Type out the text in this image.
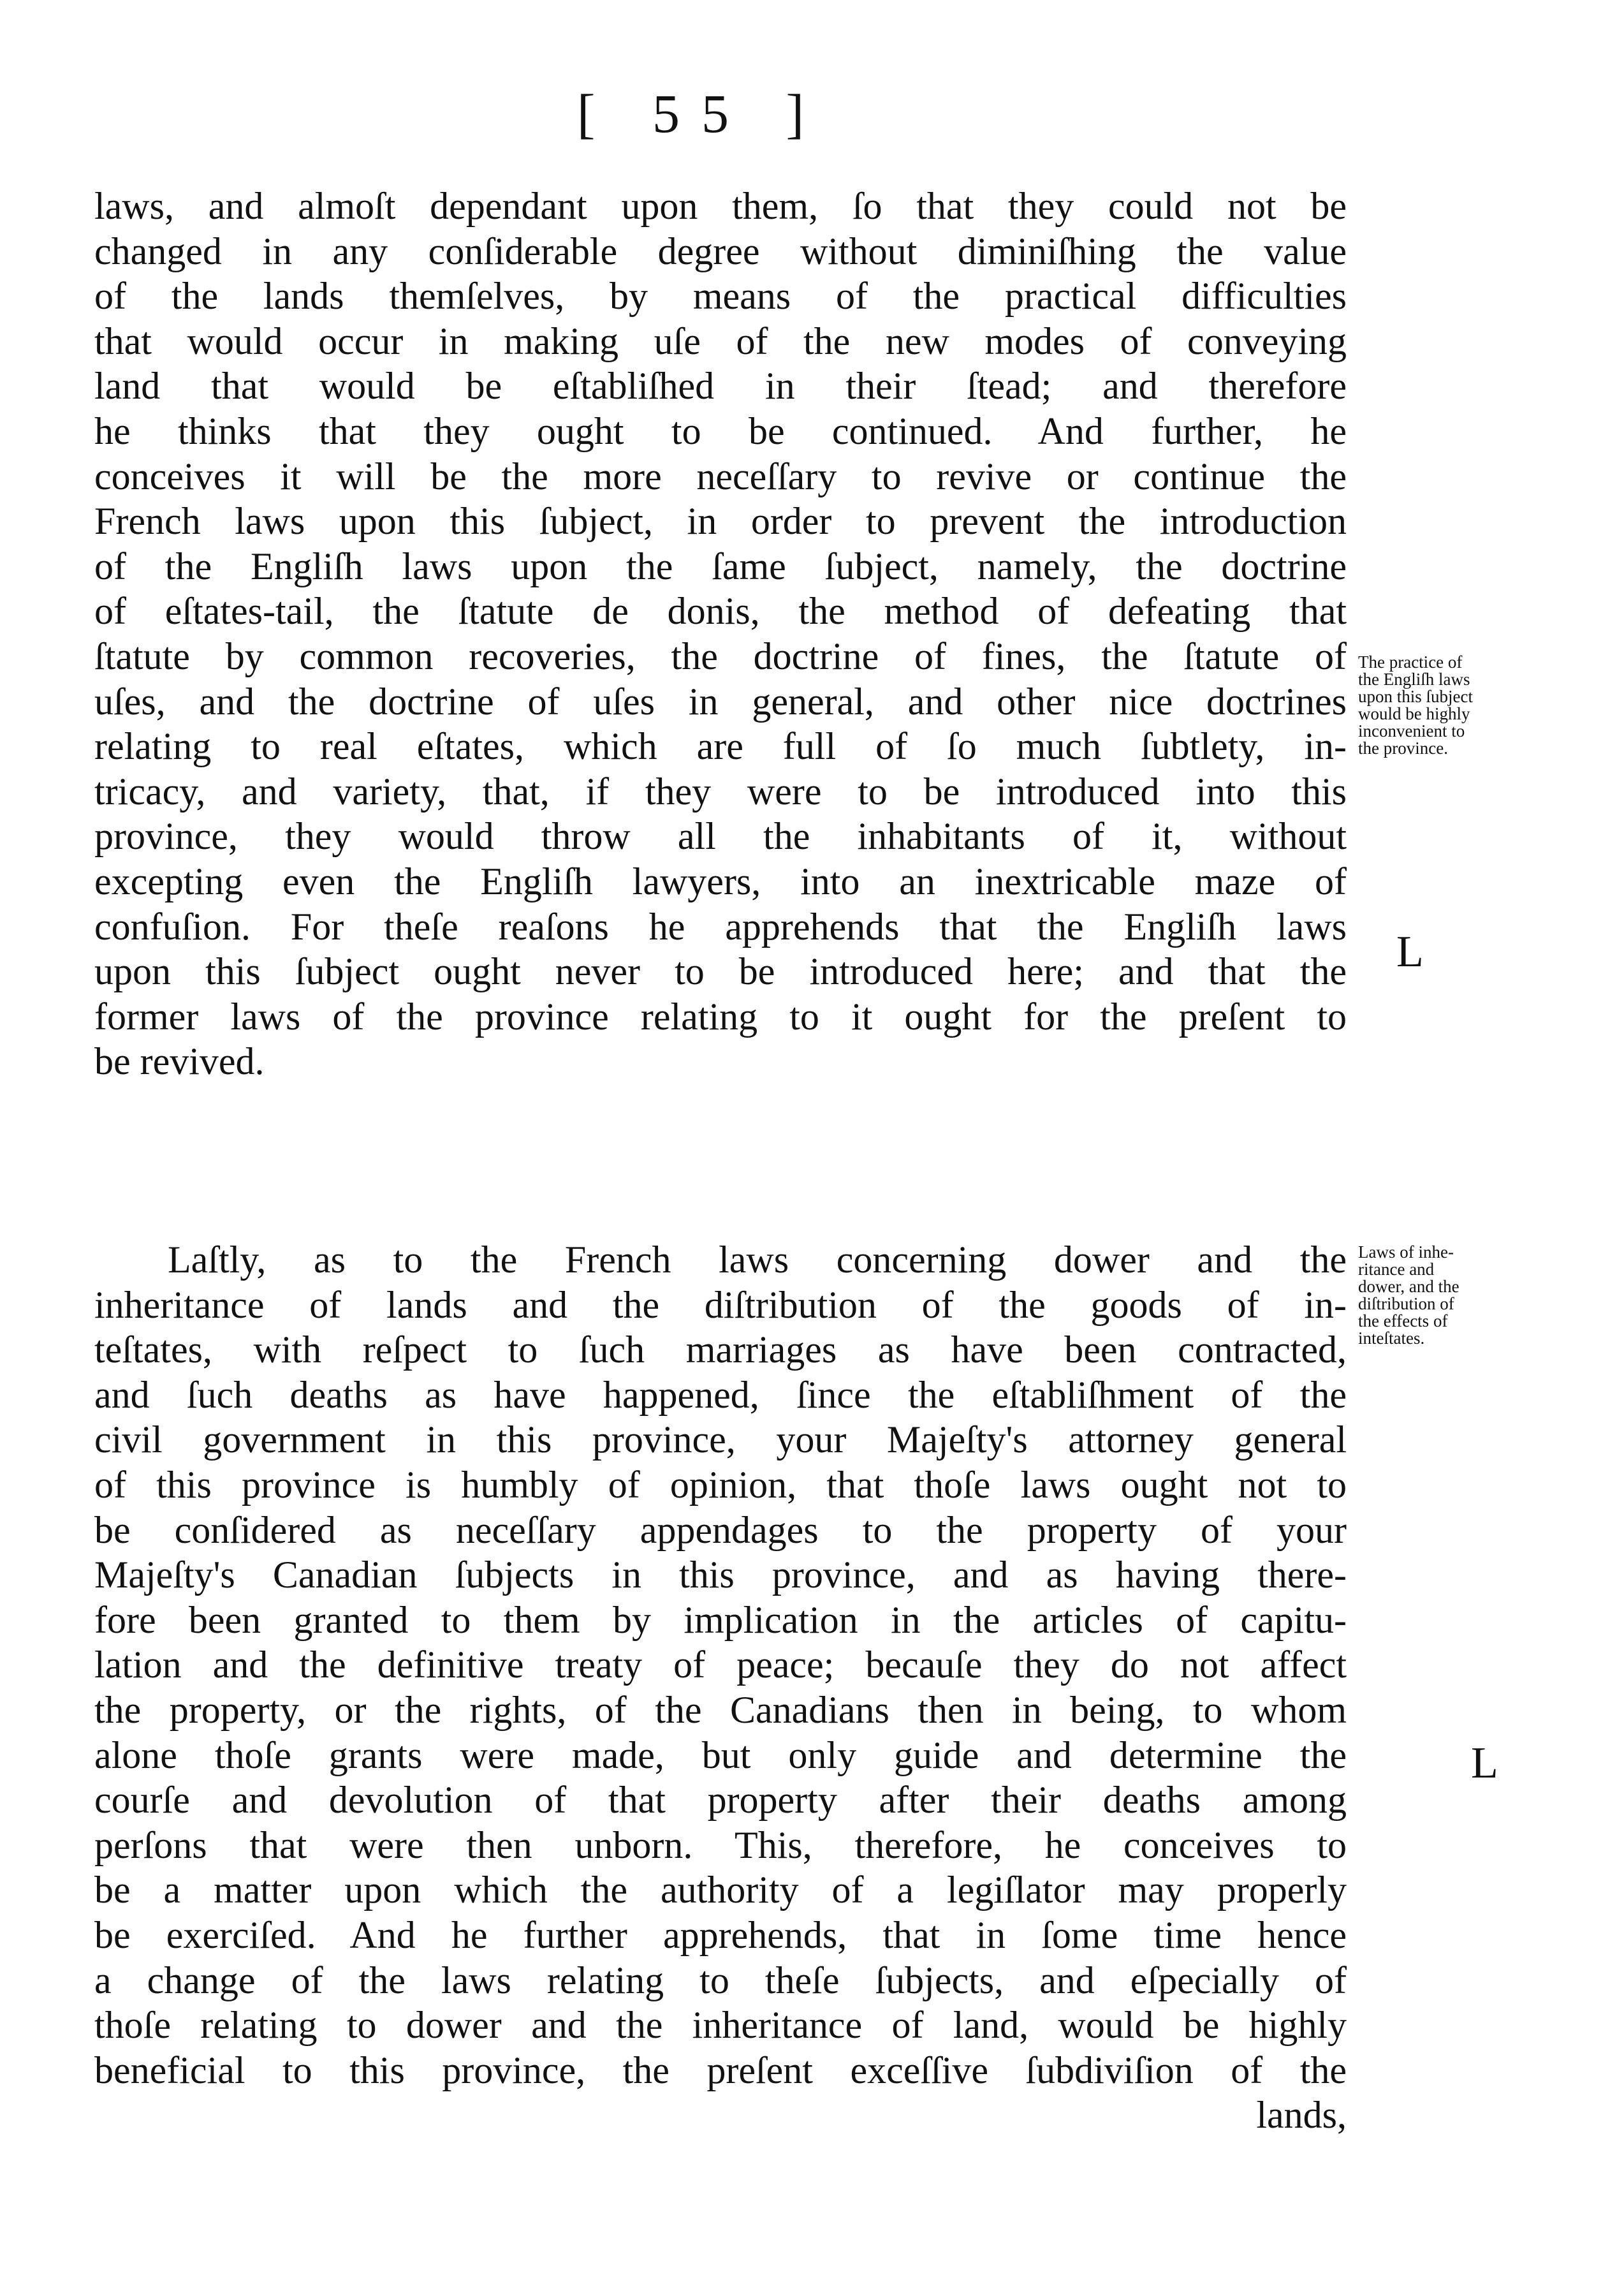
[ 55 ]
laws, and almoſt dependant upon them, ſo that they could not be
changed in any conſiderable degree without diminiſhing the value
of the lands themſelves, by means of the practical difficulties
that would occur in making uſe of the new modes of conveying
land that would be eſtabliſhed in their ſtead; and therefore
he thinks that they ought to be continued. And further, he
conceives it will be the more neceſſary to revive or continue the
French laws upon this ſubject, in order to prevent the introduction
of the Engliſh laws upon the ſame ſubject, namely, the doctrine
of eſtates-tail, the ſtatute de donis, the method of defeating that
ſtatute by common recoveries, the doctrine of fines, the ſtatute of
uſes, and the doctrine of uſes in general, and other nice doctrines
relating to real eſtates, which are full of ſo much ſubtlety, in-
tricacy, and variety, that, if they were to be introduced into this
province, they would throw all the inhabitants of it, without
excepting even the Engliſh lawyers, into an inextricable maze of
confuſion. For theſe reaſons he apprehends that the Engliſh laws
upon this ſubject ought never to be introduced here; and that the
former laws of the province relating to it ought for the preſent to
be revived.
Laſtly, as to the French laws concerning dower and the
inheritance of lands and the diſtribution of the goods of in-
teſtates, with reſpect to ſuch marriages as have been contracted,
and ſuch deaths as have happened, ſince the eſtabliſhment of the
civil government in this province, your Majeſty's attorney general
of this province is humbly of opinion, that thoſe laws ought not to
be conſidered as neceſſary appendages to the property of your
Majeſty's Canadian ſubjects in this province, and as having there-
fore been granted to them by implication in the articles of capitu-
lation and the definitive treaty of peace; becauſe they do not affect
the property, or the rights, of the Canadians then in being, to whom
alone thoſe grants were made, but only guide and determine the
courſe and devolution of that property after their deaths among
perſons that were then unborn. This, therefore, he conceives to
be a matter upon which the authority of a legiſlator may properly
be exerciſed. And he further apprehends, that in ſome time hence
a change of the laws relating to theſe ſubjects, and eſpecially of
thoſe relating to dower and the inheritance of land, would be highly
beneficial to this province, the preſent exceſſive ſubdiviſion of the
lands,
The practice of
the Engliſh laws
upon this ſubject
would be highly
inconvenient to
the province.
Laws of inhe-
ritance and
dower, and the
diſtribution of
the effects of
inteſtates.
L
L
